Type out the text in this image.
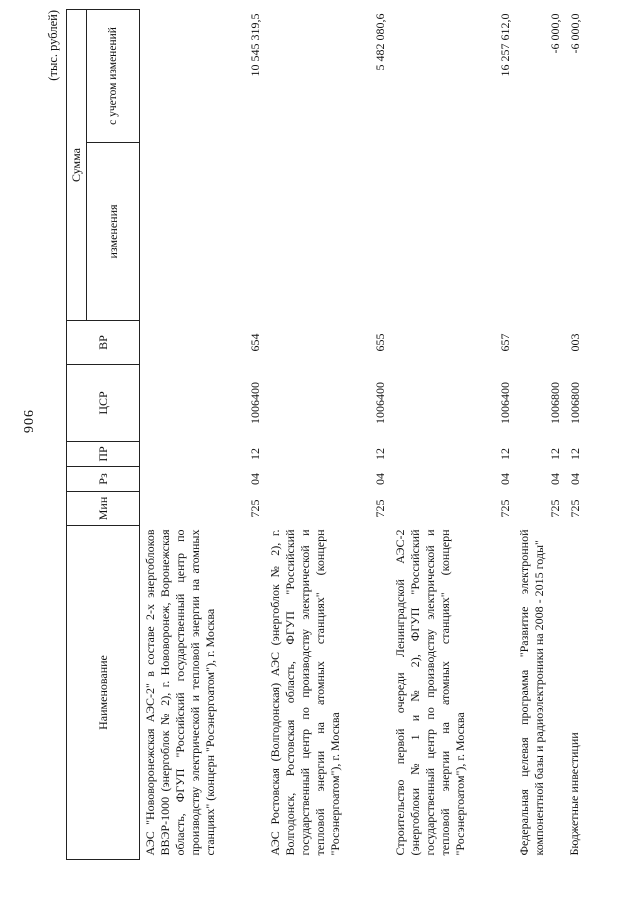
906
(тыс. рублей)
Наименование	Мин	Рз	ПР	ЦСР	ВР	Сумма	
						изменения	с учетом изменений
АЭС "Нововоронежская АЭС-2" в составе 2-х энергоблоков ВВЭР-1000 (энергоблок № 2), г. Нововоронеж, Воронежская область, ФГУП "Российский государственный центр по производству электрической и тепловой энергии на атомных станциях" (концерн "Росэнергоатом"), г. Москва	725	04	12	1006400	654		10 545 319,5
АЭС Ростовская (Волгодонская) АЭС (энергоблок № 2), г. Волгодонск, Ростовская область, ФГУП "Российский государственный центр по производству электрической и тепловой энергии на атомных станциях" (концерн "Росэнергоатом"), г. Москва	725	04	12	1006400	655		5 482 080,6
Строительство первой очереди Ленинградской АЭС-2 (энергоблоки № 1 и № 2), ФГУП "Российский государственный центр по производству электрической и тепловой энергии на атомных станциях" (концерн "Росэнергоатом"), г. Москва	725	04	12	1006400	657		16 257 612,0
Федеральная целевая программа "Развитие электронной компонентной базы и радиоэлектроники на 2008 - 2015 годы"	725	04	12	1006800			-6 000,0
Бюджетные инвестиции	725	04	12	1006800	003		-6 000,0
